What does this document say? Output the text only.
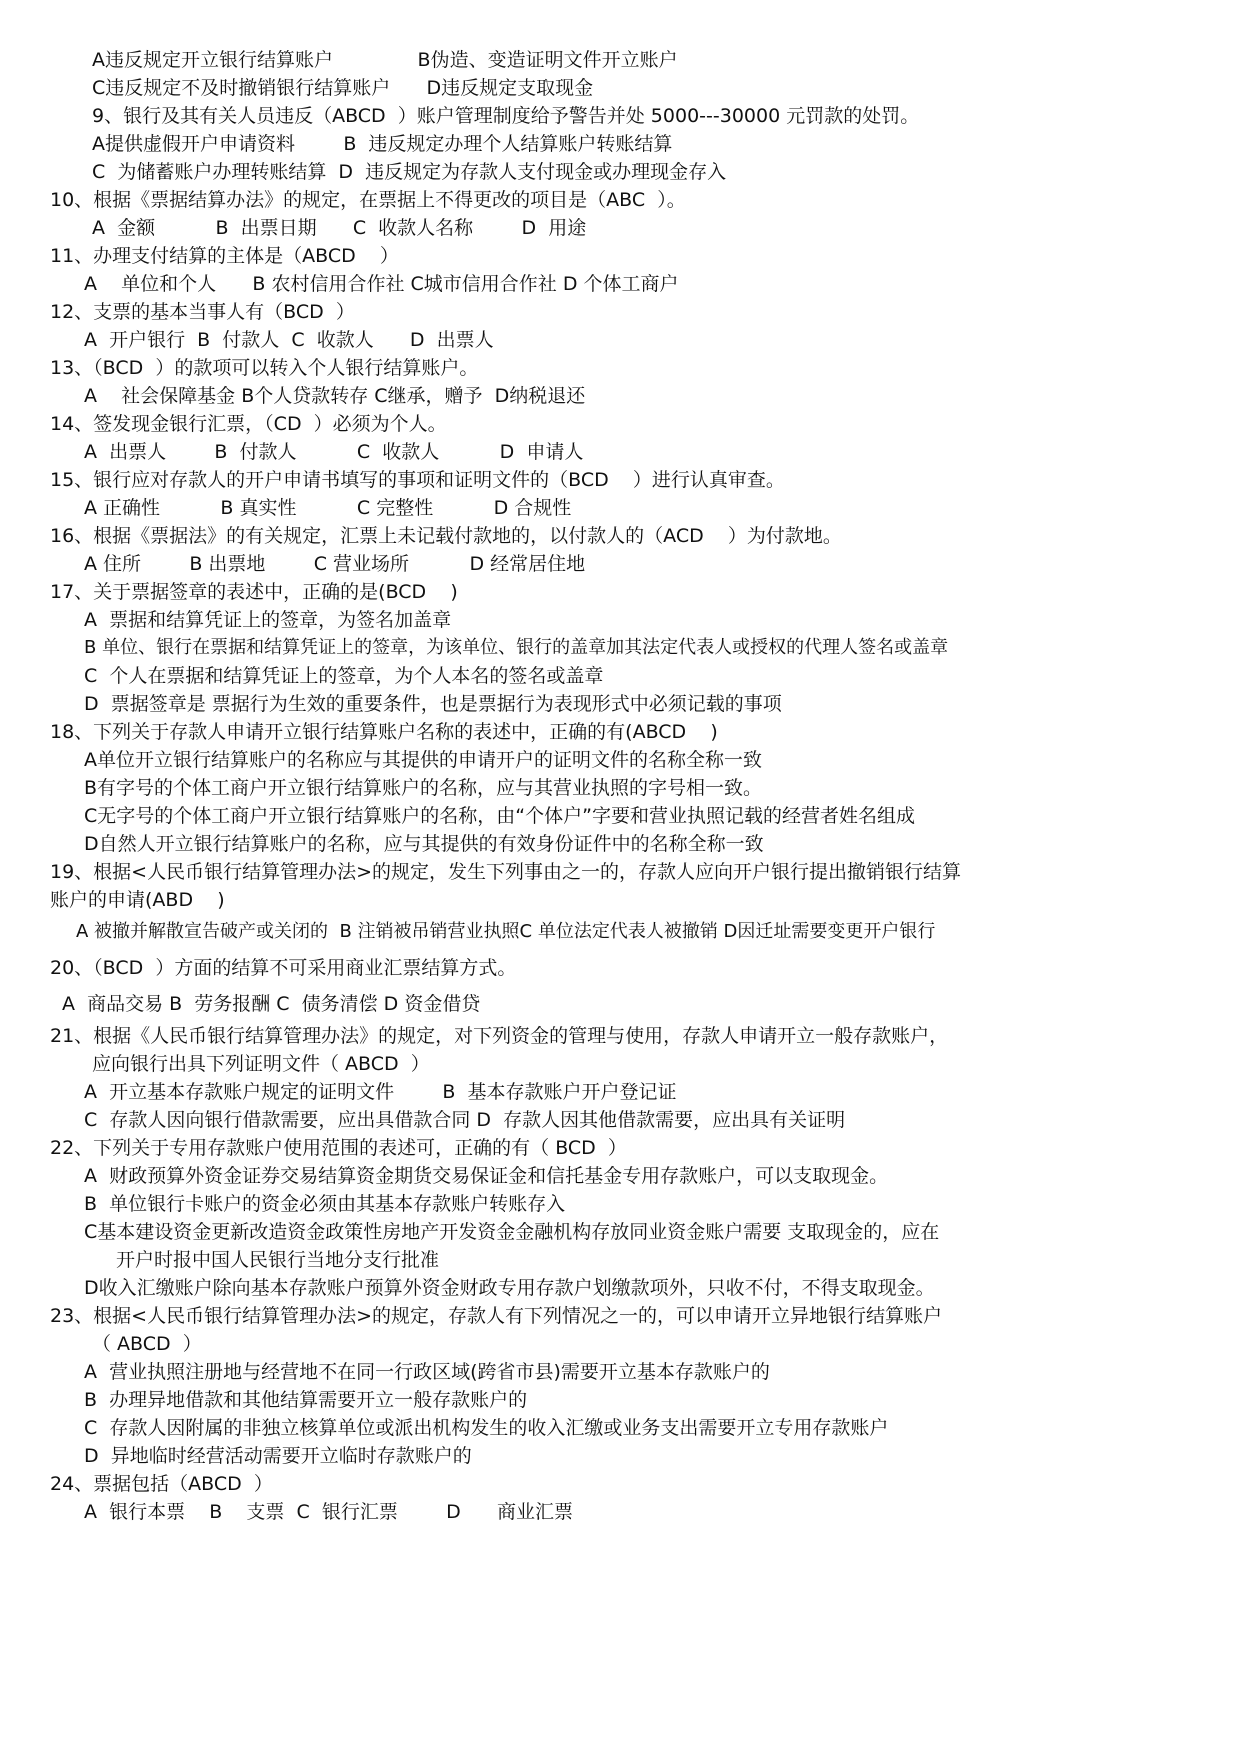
A违反规定开立银行结算账户              B伪造、变造证明文件开立账户
C违反规定不及时撤销银行结算账户      D违反规定支取现金
9、银行及其有关人员违反（ABCD  ）账户管理制度给予警告并处 5000---30000 元罚款的处罚。
A提供虚假开户申请资料        B  违反规定办理个人结算账户转账结算
C  为储蓄账户办理转账结算  D  违反规定为存款人支付现金或办理现金存入
10、根据《票据结算办法》的规定，在票据上不得更改的项目是（ABC  ）。
A  金额          B  出票日期      C  收款人名称        D  用途
11、办理支付结算的主体是（ABCD    ）
A    单位和个人      B 农村信用合作社 C城市信用合作社 D 个体工商户
12、支票的基本当事人有（BCD  ）
A  开户银行  B  付款人  C  收款人      D  出票人
13、（BCD  ）的款项可以转入个人银行结算账户。
A    社会保障基金 B个人贷款转存 C继承，赠予  D纳税退还
14、签发现金银行汇票，（CD  ）必须为个人。
A  出票人        B  付款人          C  收款人          D  申请人
15、银行应对存款人的开户申请书填写的事项和证明文件的（BCD    ）进行认真审查。
A 正确性          B 真实性          C 完整性          D 合规性
16、根据《票据法》的有关规定，汇票上未记载付款地的，以付款人的（ACD    ）为付款地。
A 住所        B 出票地        C 营业场所          D 经常居住地
17、关于票据签章的表述中，正确的是(BCD    )
A  票据和结算凭证上的签章，为签名加盖章
B 单位、银行在票据和结算凭证上的签章，为该单位、银行的盖章加其法定代表人或授权的代理人签名或盖章
C  个人在票据和结算凭证上的签章，为个人本名的签名或盖章
D  票据签章是 票据行为生效的重要条件，也是票据行为表现形式中必须记载的事项
18、下列关于存款人申请开立银行结算账户名称的表述中，正确的有(ABCD    )
A单位开立银行结算账户的名称应与其提供的申请开户的证明文件的名称全称一致
B有字号的个体工商户开立银行结算账户的名称，应与其营业执照的字号相一致。
C无字号的个体工商户开立银行结算账户的名称，由“个体户”字要和营业执照记载的经营者姓名组成
D自然人开立银行结算账户的名称，应与其提供的有效身份证件中的名称全称一致
19、根据<人民币银行结算管理办法>的规定，发生下列事由之一的，存款人应向开户银行提出撤销银行结算
账户的申请(ABD    )
A 被撤并解散宣告破产或关闭的  B 注销被吊销营业执照C 单位法定代表人被撤销 D因迁址需要变更开户银行
20、（BCD  ）方面的结算不可采用商业汇票结算方式。
A  商品交易 B  劳务报酬 C  债务清偿 D 资金借贷
21、根据《人民币银行结算管理办法》的规定，对下列资金的管理与使用，存款人申请开立一般存款账户，
应向银行出具下列证明文件（ ABCD  ）
A  开立基本存款账户规定的证明文件        B  基本存款账户开户登记证
C  存款人因向银行借款需要，应出具借款合同 D  存款人因其他借款需要，应出具有关证明
22、下列关于专用存款账户使用范围的表述可，正确的有（ BCD  ）
A  财政预算外资金证券交易结算资金期货交易保证金和信托基金专用存款账户，可以支取现金。
B  单位银行卡账户的资金必须由其基本存款账户转账存入
C基本建设资金更新改造资金政策性房地产开发资金金融机构存放同业资金账户需要 支取现金的，应在
开户时报中国人民银行当地分支行批准
D收入汇缴账户除向基本存款账户预算外资金财政专用存款户划缴款项外，只收不付，不得支取现金。
23、根据<人民币银行结算管理办法>的规定，存款人有下列情况之一的，可以申请开立异地银行结算账户
（ ABCD  ）
A  营业执照注册地与经营地不在同一行政区域(跨省市县)需要开立基本存款账户的
B  办理异地借款和其他结算需要开立一般存款账户的
C  存款人因附属的非独立核算单位或派出机构发生的收入汇缴或业务支出需要开立专用存款账户
D  异地临时经营活动需要开立临时存款账户的
24、票据包括（ABCD  ）
A  银行本票    B    支票  C  银行汇票        D      商业汇票
